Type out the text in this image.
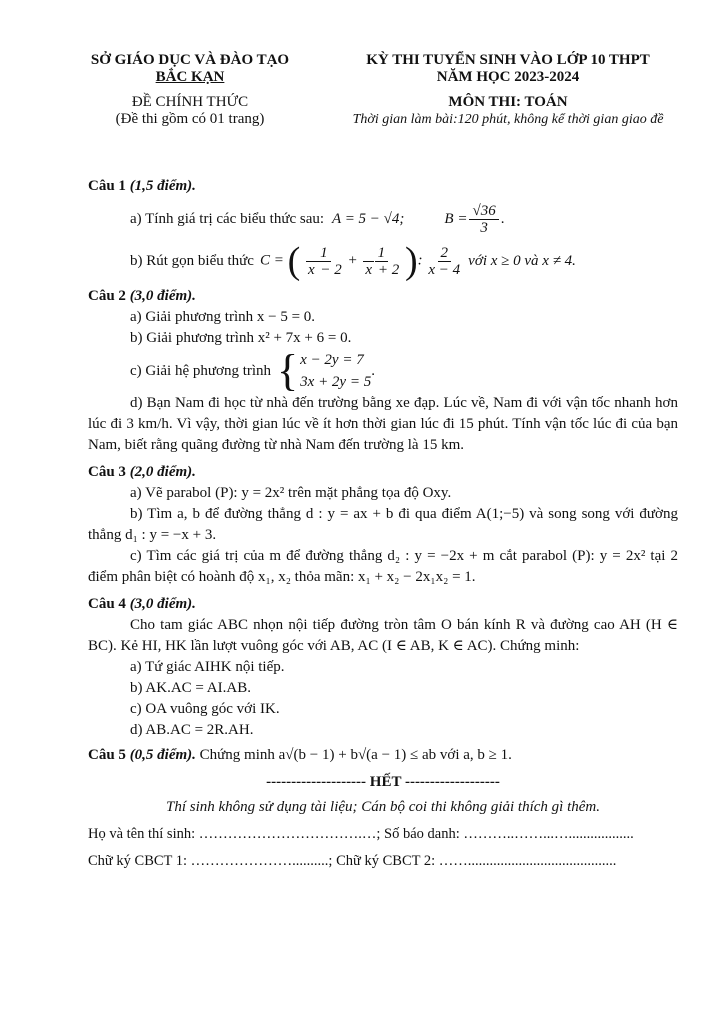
SỞ GIÁO DỤC VÀ ĐÀO TẠO
BẮC KẠN
ĐỀ CHÍNH THỨC
(Đề thi gồm có 01 trang)
KỲ THI TUYỂN SINH VÀO LỚP 10 THPT
NĂM HỌC 2023-2024
MÔN THI: TOÁN
Thời gian làm bài:120 phút, không kể thời gian giao đề
Câu 1 (1,5 điểm).
a) Tính giá trị các biểu thức sau: A = 5 − √4;	$B = \frac{√36}{3}$ .
b) Rút gọn biểu thức C = ( $\frac{1}{x - 2} + \frac{1}{x + 2}$ ): $\frac{2}{x - 4}$ với x ≥ 0 và x ≠ 4.
Câu 2 (3,0 điểm).
a) Giải phương trình x − 5 = 0.
b) Giải phương trình x² + 7x + 6 = 0.
c) Giải hệ phương trình { x − 2y = 7
3x + 2y = 5
.
d) Bạn Nam đi học từ nhà đến trường bằng xe đạp. Lúc về, Nam đi với vận tốc nhanh hơn lúc đi 3 km/h. Vì vậy, thời gian lúc về ít hơn thời gian lúc đi 15 phút. Tính vận tốc lúc đi của bạn Nam, biết rằng quãng đường từ nhà Nam đến trường là 15 km.
Câu 3 (2,0 điểm).
a) Vẽ parabol (P): y = 2x² trên mặt phẳng tọa độ Oxy.
b) Tìm a, b để đường thẳng d : y = ax + b đi qua điểm A(1;−5) và song song với đường thẳng d₁ : y = −x + 3.
c) Tìm các giá trị của m để đường thẳng d₂ : y = −2x + m cắt parabol (P): y = 2x² tại 2 điểm phân biệt có hoành độ x₁, x₂ thỏa mãn: x₁ + x₂ − 2x₁x₂ = 1.
Câu 4 (3,0 điểm).
Cho tam giác ABC nhọn nội tiếp đường tròn tâm O bán kính R và đường cao AH (H ∈ BC). Kẻ HI, HK lần lượt vuông góc với AB, AC (I ∈ AB, K ∈ AC). Chứng minh:
a) Tứ giác AIHK nội tiếp.
b) AK.AC = AI.AB.
c) OA vuông góc với IK.
d) AB.AC = 2R.AH.
Câu 5 (0,5 điểm). Chứng minh a√(b − 1) + b√(a − 1) ≤ ab với a, b ≥ 1.
-------------------- HẾT -------------------
Thí sinh không sử dụng tài liệu; Cán bộ coi thi không giải thích gì thêm.
Họ và tên thí sinh: …………………………….…; Số báo danh: ………..……...…..................
Chữ ký CBCT 1: …………………..........; Chữ ký CBCT 2: …….........................................
